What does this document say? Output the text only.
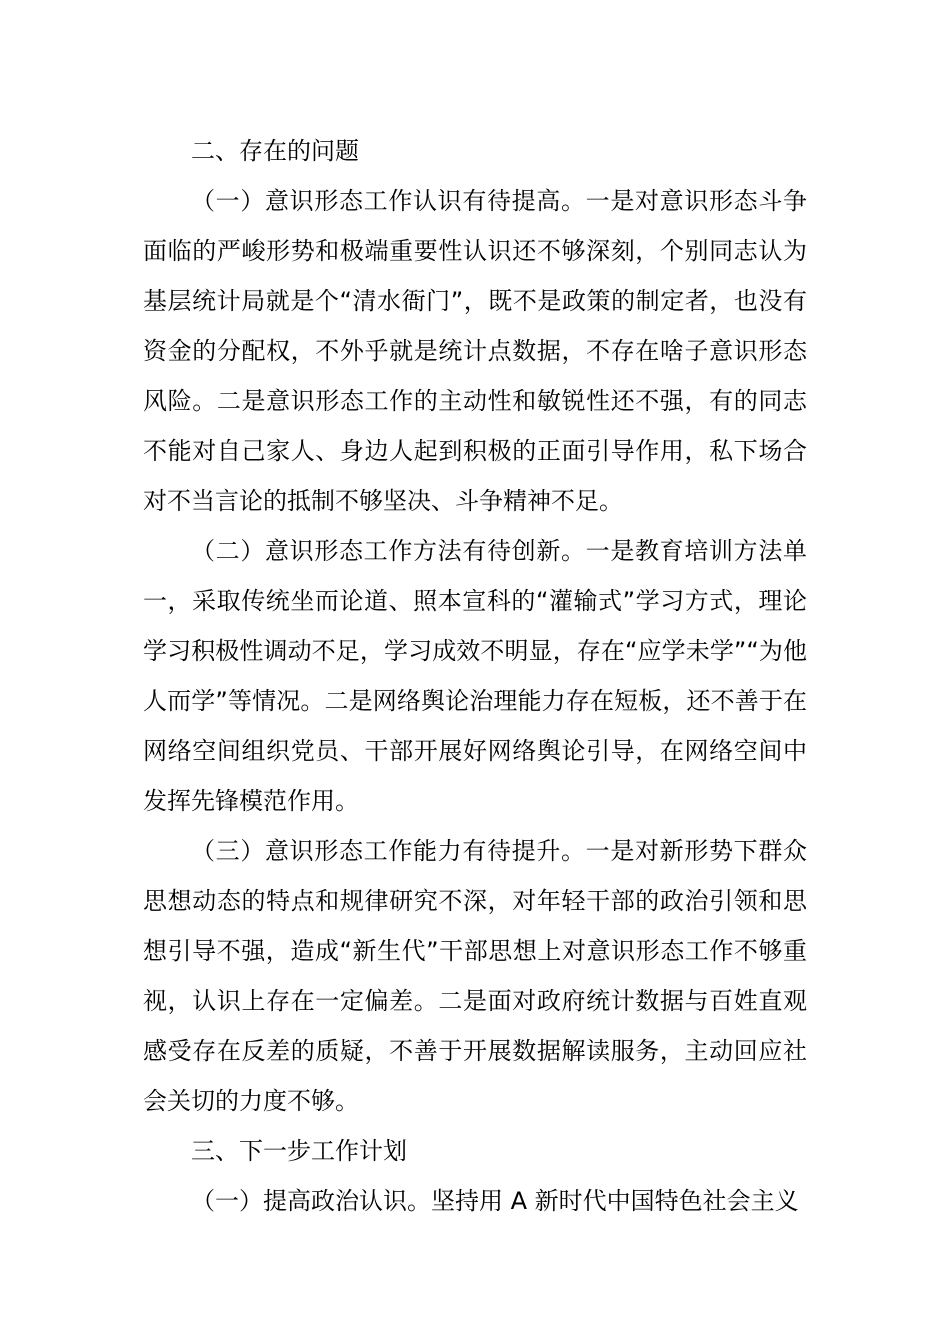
二、存在的问题

（一）意识形态工作认识有待提高。一是对意识形态斗争面临的严峻形势和极端重要性认识还不够深刻，个别同志认为基层统计局就是个“清水衙门”，既不是政策的制定者，也没有资金的分配权，不外乎就是统计点数据，不存在啥子意识形态风险。二是意识形态工作的主动性和敏锐性还不强，有的同志不能对自己家人、身边人起到积极的正面引导作用，私下场合对不当言论的抵制不够坚决、斗争精神不足。

（二）意识形态工作方法有待创新。一是教育培训方法单一，采取传统坐而论道、照本宣科的“灌输式”学习方式，理论学习积极性调动不足，学习成效不明显，存在“应学未学”“为他人而学”等情况。二是网络舆论治理能力存在短板，还不善于在网络空间组织党员、干部开展好网络舆论引导，在网络空间中发挥先锋模范作用。

（三）意识形态工作能力有待提升。一是对新形势下群众思想动态的特点和规律研究不深，对年轻干部的政治引领和思想引导不强，造成“新生代”干部思想上对意识形态工作不够重视，认识上存在一定偏差。二是面对政府统计数据与百姓直观感受存在反差的质疑，不善于开展数据解读服务，主动回应社会关切的力度不够。

三、下一步工作计划

（一）提高政治认识。坚持用 A 新时代中国特色社会主义
